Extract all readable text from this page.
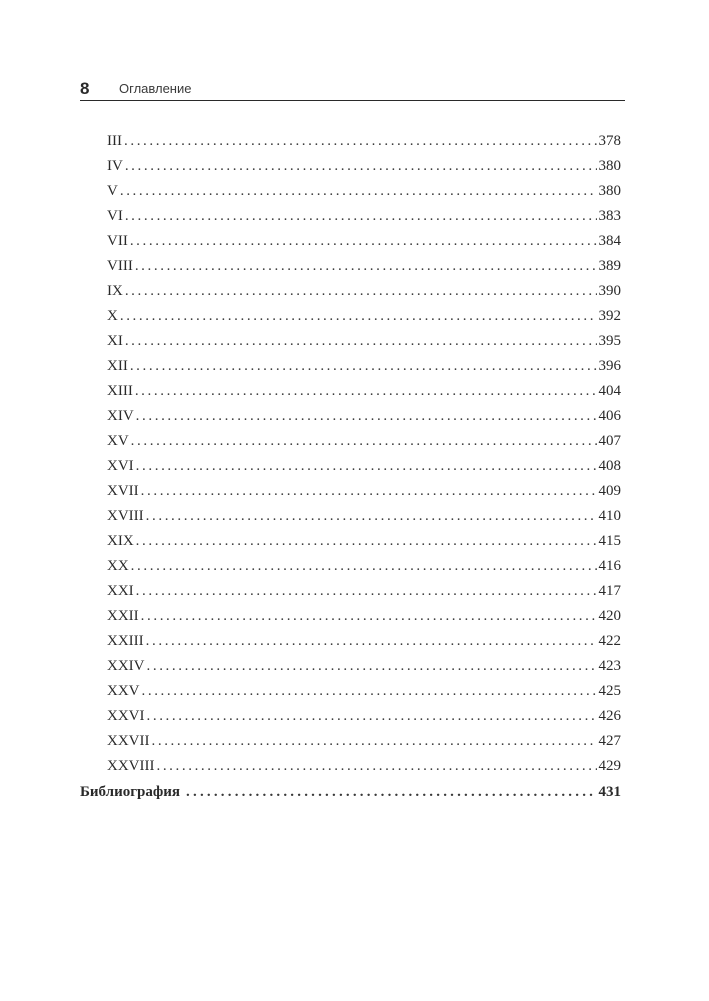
8 Оглавление
III .....	378
IV .....	380
V .....	380
VI .....	383
VII .....	384
VIII .....	389
IX .....	390
X .....	392
XI .....	395
XII .....	396
XIII .....	404
XIV .....	406
XV .....	407
XVI .....	408
XVII .....	409
XVIII .....	410
XIX .....	415
XX .....	416
XXI .....	417
XXII .....	420
XXIII .....	422
XXIV .....	423
XXV .....	425
XXVI .....	426
XXVII .....	427
XXVIII .....	429
Библиография .....	431
